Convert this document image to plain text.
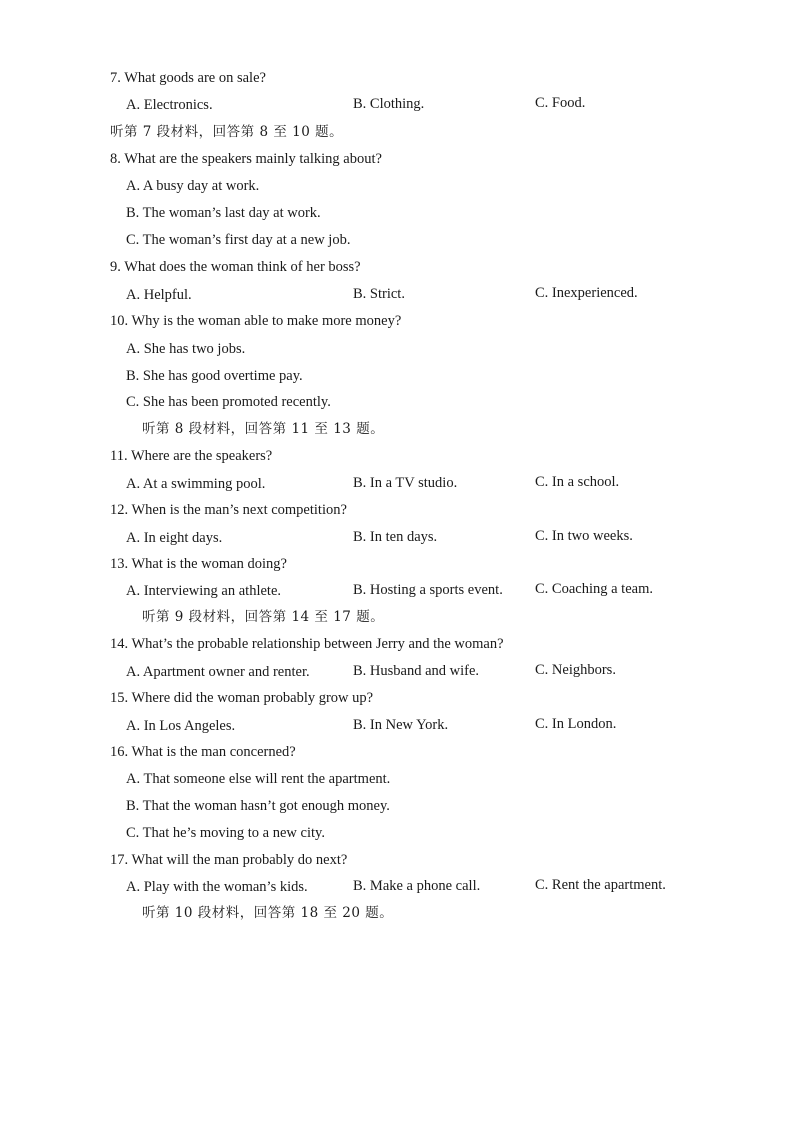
7. What goods are on sale?
A. Electronics.	B. Clothing.	C. Food.
听第 7 段材料，回答第 8 至 10 题。
8. What are the speakers mainly talking about?
A. A busy day at work.
B. The woman’s last day at work.
C. The woman’s first day at a new job.
9. What does the woman think of her boss?
A. Helpful.	B. Strict.	C. Inexperienced.
10. Why is the woman able to make more money?
A. She has two jobs.
B. She has good overtime pay.
C. She has been promoted recently.
听第 8 段材料，回答第 11 至 13 题。
11. Where are the speakers?
A. At a swimming pool.	B. In a TV studio.	C. In a school.
12. When is the man’s next competition?
A. In eight days.	B. In ten days.	C. In two weeks.
13. What is the woman doing?
A. Interviewing an athlete.	B. Hosting a sports event. C. Coaching a team.
听第 9 段材料，回答第 14 至 17 题。
14. What’s the probable relationship between Jerry and the woman?
A. Apartment owner and renter.	B. Husband and wife.	C. Neighbors.
15. Where did the woman probably grow up?
A. In Los Angeles.	B. In New York.	C. In London.
16. What is the man concerned?
A. That someone else will rent the apartment.
B. That the woman hasn’t got enough money.
C. That he’s moving to a new city.
17. What will the man probably do next?
A. Play with the woman’s kids.	B. Make a phone call.	C. Rent the apartment.
听第 10 段材料，回答第 18 至 20 题。
